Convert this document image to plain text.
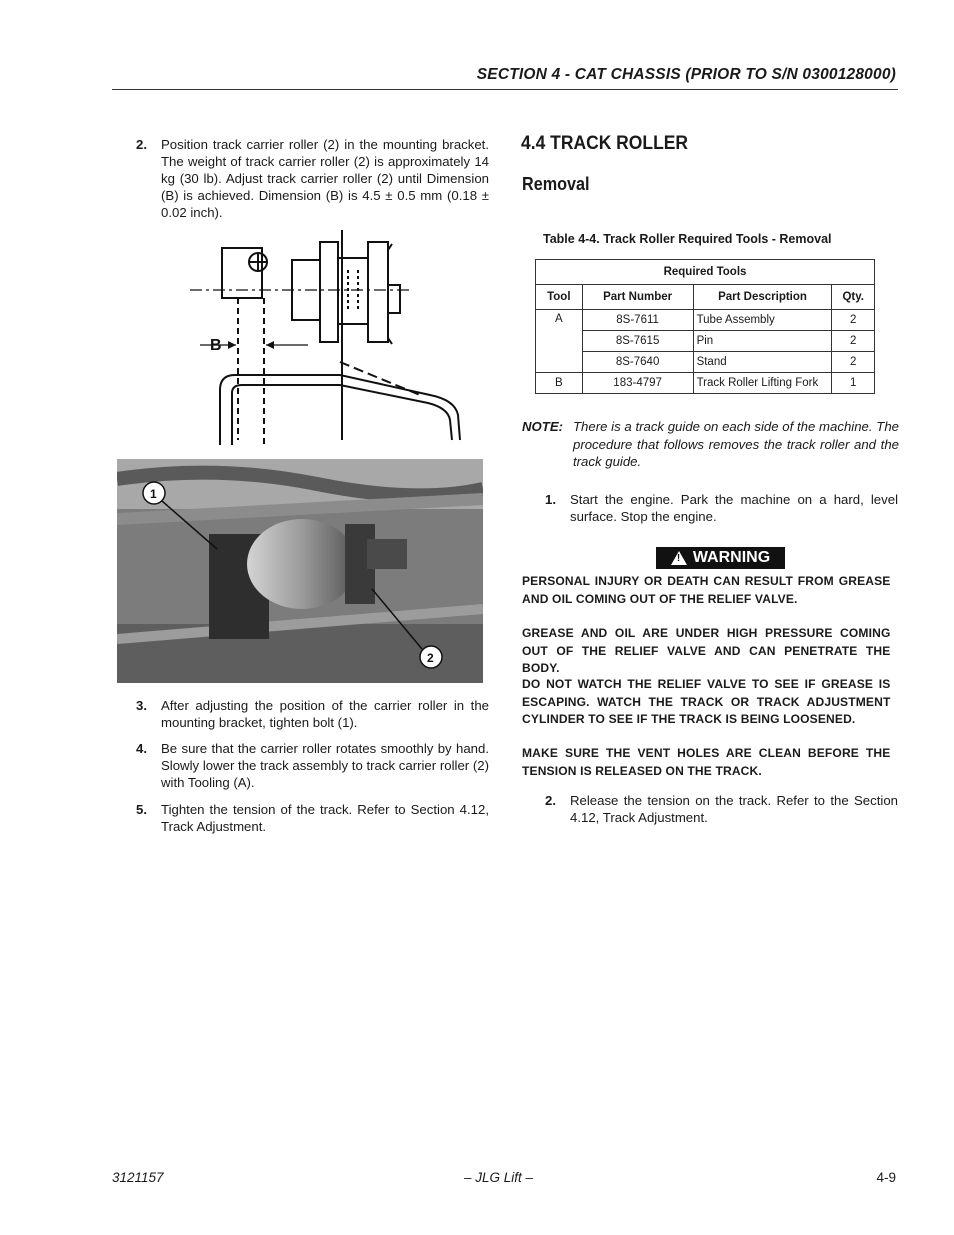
SECTION 4 - CAT CHASSIS (PRIOR TO S/N 0300128000)
2. Position track carrier roller (2) in the mounting bracket. The weight of track carrier roller (2) is approximately 14 kg (30 lb). Adjust track carrier roller (2) until Dimension (B) is achieved. Dimension (B) is 4.5 ± 0.5 mm (0.18 ± 0.02 inch).
B
1
2
3. After adjusting the position of the carrier roller in the mounting bracket, tighten bolt (1).
4. Be sure that the carrier roller rotates smoothly by hand. Slowly lower the track assembly to track carrier roller (2) with Tooling (A).
5. Tighten the tension of the track. Refer to Section 4.12, Track Adjustment.
4.4 TRACK ROLLER
Removal
Table 4-4. Track Roller Required Tools - Removal
Required Tools			
Tool	Part Number	Part Description	Qty.
A	8S-7611	Tube Assembly	2
	8S-7615	Pin	2
	8S-7640	Stand	2
B	183-4797	Track Roller Lifting Fork	1
NOTE: There is a track guide on each side of the machine. The procedure that follows removes the track roller and the track guide.
1. Start the engine. Park the machine on a hard, level surface. Stop the engine.
!
WARNING
PERSONAL INJURY OR DEATH CAN RESULT FROM GREASE AND OIL COMING OUT OF THE RELIEF VALVE.
GREASE AND OIL ARE UNDER HIGH PRESSURE COMING OUT OF THE RELIEF VALVE AND CAN PENETRATE THE BODY.
DO NOT WATCH THE RELIEF VALVE TO SEE IF GREASE IS ESCAPING. WATCH THE TRACK OR TRACK ADJUSTMENT CYLINDER TO SEE IF THE TRACK IS BEING LOOSENED.
MAKE SURE THE VENT HOLES ARE CLEAN BEFORE THE TENSION IS RELEASED ON THE TRACK.
2. Release the tension on the track. Refer to the Section 4.12, Track Adjustment.
3121157	– JLG Lift –	4-9
